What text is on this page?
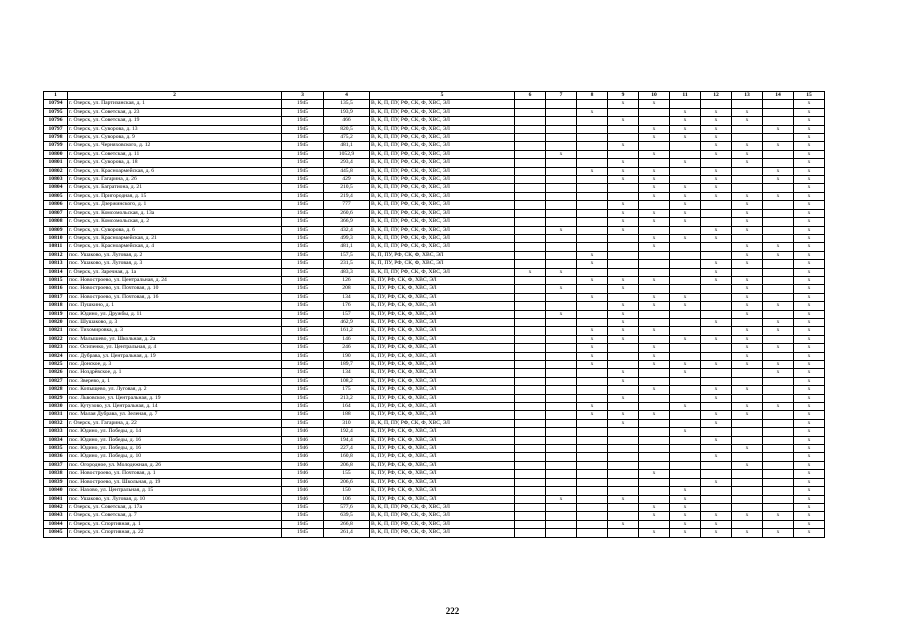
1	2	3	4	5	6	7	8	9	10	11	12	13	14	15
10794	г. Озерск, ул. Партизанская, д. 1	1945	135,5	В, К, П, ПУ, РФ, СК, Ф, ХВС, ЭЛ				x	x					x
10795	г. Озерск, ул. Советская, д. 23	1945	193,9	В, К, П, ПУ, РФ, СК, Ф, ХВС, ЭЛ			x			x	x	x		x
10796	г. Озерск, ул. Советская, д. 19	1945	466	В, К, П, ПУ, РФ, СК, Ф, ХВС, ЭЛ				x		x	x	x		x
10797	г. Озерск, ул. Суворова, д. 13	1945	820,5	В, К, П, ПУ, РФ, СК, Ф, ХВС, ЭЛ					x	x	x		x	x
10798	г. Озерск, ул. Суворова, д. 9	1945	475,2	В, К, П, ПУ, РФ, СК, Ф, ХВС, ЭЛ					x	x	x			x
10799	г. Озерск, ул. Черняховского, д. 12	1945	481,1	В, К, П, ПУ, РФ, СК, Ф, ХВС, ЭЛ				x			x	x	x	x
10800	г. Озерск, ул. Советская, д. 11	1945	1052,9	В, К, П, ПУ, РФ, СК, Ф, ХВС, ЭЛ		x			x		x	x		x
10801	г. Озерск, ул. Суворова, д. 18	1945	293,4	В, К, П, ПУ, РФ, СК, Ф, ХВС, ЭЛ				x		x		x		x
10802	г. Озерск, ул. Красноармейская, д. 6	1945	445,8	В, К, П, ПУ, РФ, СК, Ф, ХВС, ЭЛ			x	x	x		x		x	x
10803	г. Озерск, ул. Гагарина, д. 26	1945	429	В, К, П, ПУ, РФ, СК, Ф, ХВС, ЭЛ				x	x		x		x	x
10804	г. Озерск, ул. Багратиона, д. 21	1945	210,5	В, К, П, ПУ, РФ, СК, Ф, ХВС, ЭЛ					x	x	x			x
10805	г. Озерск, ул. Пригородная, д. 15	1945	219,4	В, К, П, ПУ, РФ, СК, Ф, ХВС, ЭЛ					x	x	x	x	x	x
10806	г. Озерск, ул. Дзержинского, д. 1	1945	777	В, К, П, ПУ, РФ, СК, Ф, ХВС, ЭЛ				x		x		x		x
10807	г. Озерск, ул. Комсомольская, д. 13а	1945	260,6	В, К, П, ПУ, РФ, СК, Ф, ХВС, ЭЛ				x	x	x		x		x
10808	г. Озерск, ул. Комсомольская, д. 2	1945	366,9	В, К, П, ПУ, РФ, СК, Ф, ХВС, ЭЛ				x	x	x		x		x
10809	г. Озерск, ул. Суворова, д. 6	1945	432,4	В, К, П, ПУ, РФ, СК, Ф, ХВС, ЭЛ		x		x			x	x		x
10810	г. Озерск, ул. Красноармейская, д. 21	1945	499,3	В, К, П, ПУ, РФ, СК, Ф, ХВС, ЭЛ					x	x	x			x
10811	г. Озерск, ул. Красноармейская, д. 4	1945	481,1	В, К, П, ПУ, РФ, СК, Ф, ХВС, ЭЛ					x			x	x	x
10812	пос. Ушаково, ул. Луговая, д. 2	1945	157,5	К, П, ПУ, РФ, СК, Ф, ХВС, ЭЛ			x					x	x	x
10813	пос. Ушаково, ул. Луговая, д. 3	1945	231,5	К, П, ПУ, РФ, СК, Ф, ХВС, ЭЛ			x				x	x		x
10814	г. Озерск, ул. Заречная, д. 1а	1945	483,3	В, К, П, ПУ, РФ, СК, Ф, ХВС, ЭЛ	x	x					x			x
10815	пос. Новостроево, ул. Центральная, д. 24	1945	126	К, ПУ, РФ, СК, Ф, ХВС, ЭЛ			x	x	x		x	x		x
10816	пос. Новостроево, ул. Почтовая, д. 10	1945	208	К, ПУ, РФ, СК, Ф, ХВС, ЭЛ		x		x				x		x
10817	пос. Новостроево, ул. Почтовая, д. 16	1945	134	К, ПУ, РФ, СК, Ф, ХВС, ЭЛ			x		x	x		x		x
10818	пос. Пушкино, д. 1	1945	176	К, ПУ, РФ, СК, Ф, ХВС, ЭЛ				x	x	x		x	x	x
10819	пос. Юдино, ул. Дружбы, д. 11	1945	157	К, ПУ, РФ, СК, Ф, ХВС, ЭЛ		x		x				x		x
10820	пос. Шушаково, д. 3	1945	462,9	К, ПУ, РФ, СК, Ф, ХВС, ЭЛ				x			x		x	x
10821	пос. Тихомировка, д. 3	1945	161,2	К, ПУ, РФ, СК, Ф, ХВС, ЭЛ			x	x	x			x	x	x
10822	пос. Малышево, ул. Школьная, д. 2а	1945	146	К, ПУ, РФ, СК, Ф, ХВС, ЭЛ			x	x		x	x	x		x
10823	пос. Осипенко, ул. Центральная, д. 4	1945	246	К, ПУ, РФ, СК, Ф, ХВС, ЭЛ			x		x			x	x	x
10824	пос. Дубрава, ул. Центральная, д. 19	1945	190	К, ПУ, РФ, СК, Ф, ХВС, ЭЛ			x		x			x		x
10825	пос. Донское, д. 3	1945	189,7	К, ПУ, РФ, СК, Ф, ХВС, ЭЛ			x		x	x	x	x	x	x
10826	пос. Ноздрёвское, д. 1	1945	134	К, ПУ, РФ, СК, Ф, ХВС, ЭЛ				x		x			x	x
10827	пос. Зверево, д. 1	1945	108,2	К, ПУ, РФ, СК, Ф, ХВС, ЭЛ				x						x
10828	пос. Копыщево, ул. Луговая, д. 2	1945	175	К, ПУ, РФ, СК, Ф, ХВС, ЭЛ					x		x	x		x
10829	пос. Львовское, ул. Центральная, д. 19	1945	213,2	К, ПУ, РФ, СК, Ф, ХВС, ЭЛ				x			x			x
10830	пос. Кутузово, ул. Центральная, д. 14	1945	164	К, ПУ, РФ, СК, Ф, ХВС, ЭЛ			x			x		x	x	x
10831	пос. Малая Дубрава, ул. Зеленая, д. 7	1945	188	К, ПУ, РФ, СК, Ф, ХВС, ЭЛ			x	x	x		x	x		x
10832	г. Озерск, ул. Гагарина, д. 22	1945	310	В, К, П, ПУ, РФ, СК, Ф, ХВС, ЭЛ				x			x			x
10833	пос. Юдино, ул. Победы, д. 14	1946	192,4	К, ПУ, РФ, СК, Ф, ХВС, ЭЛ						x				x
10834	пос. Юдино, ул. Победы, д. 16	1946	194,4	К, ПУ, РФ, СК, Ф, ХВС, ЭЛ							x			x
10835	пос. Юдино, ул. Победы, д. 16	1946	227,4	К, ПУ, РФ, СК, Ф, ХВС, ЭЛ								x		x
10836	пос. Юдино, ул. Победы, д. 10	1946	160,8	К, ПУ, РФ, СК, Ф, ХВС, ЭЛ							x			x
10837	пос. Огородное, ул. Молодежная, д. 26	1946	206,8	К, ПУ, РФ, СК, Ф, ХВС, ЭЛ								x		x
10838	пос. Новостроево, ул. Почтовая, д. 1	1946	155	К, ПУ, РФ, СК, Ф, ХВС, ЭЛ					x					x
10839	пос. Новостроево, ул. Школьная, д. 19	1946	206,6	К, ПУ, РФ, СК, Ф, ХВС, ЭЛ							x			x
10840	пос. Нахово, ул. Центральная, д. 15	1946	150	К, ПУ, РФ, СК, Ф, ХВС, ЭЛ						x				x
10841	пос. Ушаково, ул. Луговая, д. 10	1946	106	К, ПУ, РФ, СК, Ф, ХВС, ЭЛ		x		x		x				x
10842	г. Озерск, ул. Советская, д. 17а	1945	577,6	В, К, П, ПУ, РФ, СК, Ф, ХВС, ЭЛ					x	x				x
10843	г. Озерск, ул. Советская, д. 7	1945	639,5	В, К, П, ПУ, РФ, СК, Ф, ХВС, ЭЛ					x	x	x	x	x	x
10844	г. Озерск, ул. Спортивная, д. 1	1945	266,8	В, К, П, ПУ, РФ, СК, Ф, ХВС, ЭЛ				x		x	x			x
10845	г. Озерск, ул. Спортивная, д. 22	1945	261,4	В, К, П, ПУ, РФ, СК, Ф, ХВС, ЭЛ					x	x	x	x	x	x
222
